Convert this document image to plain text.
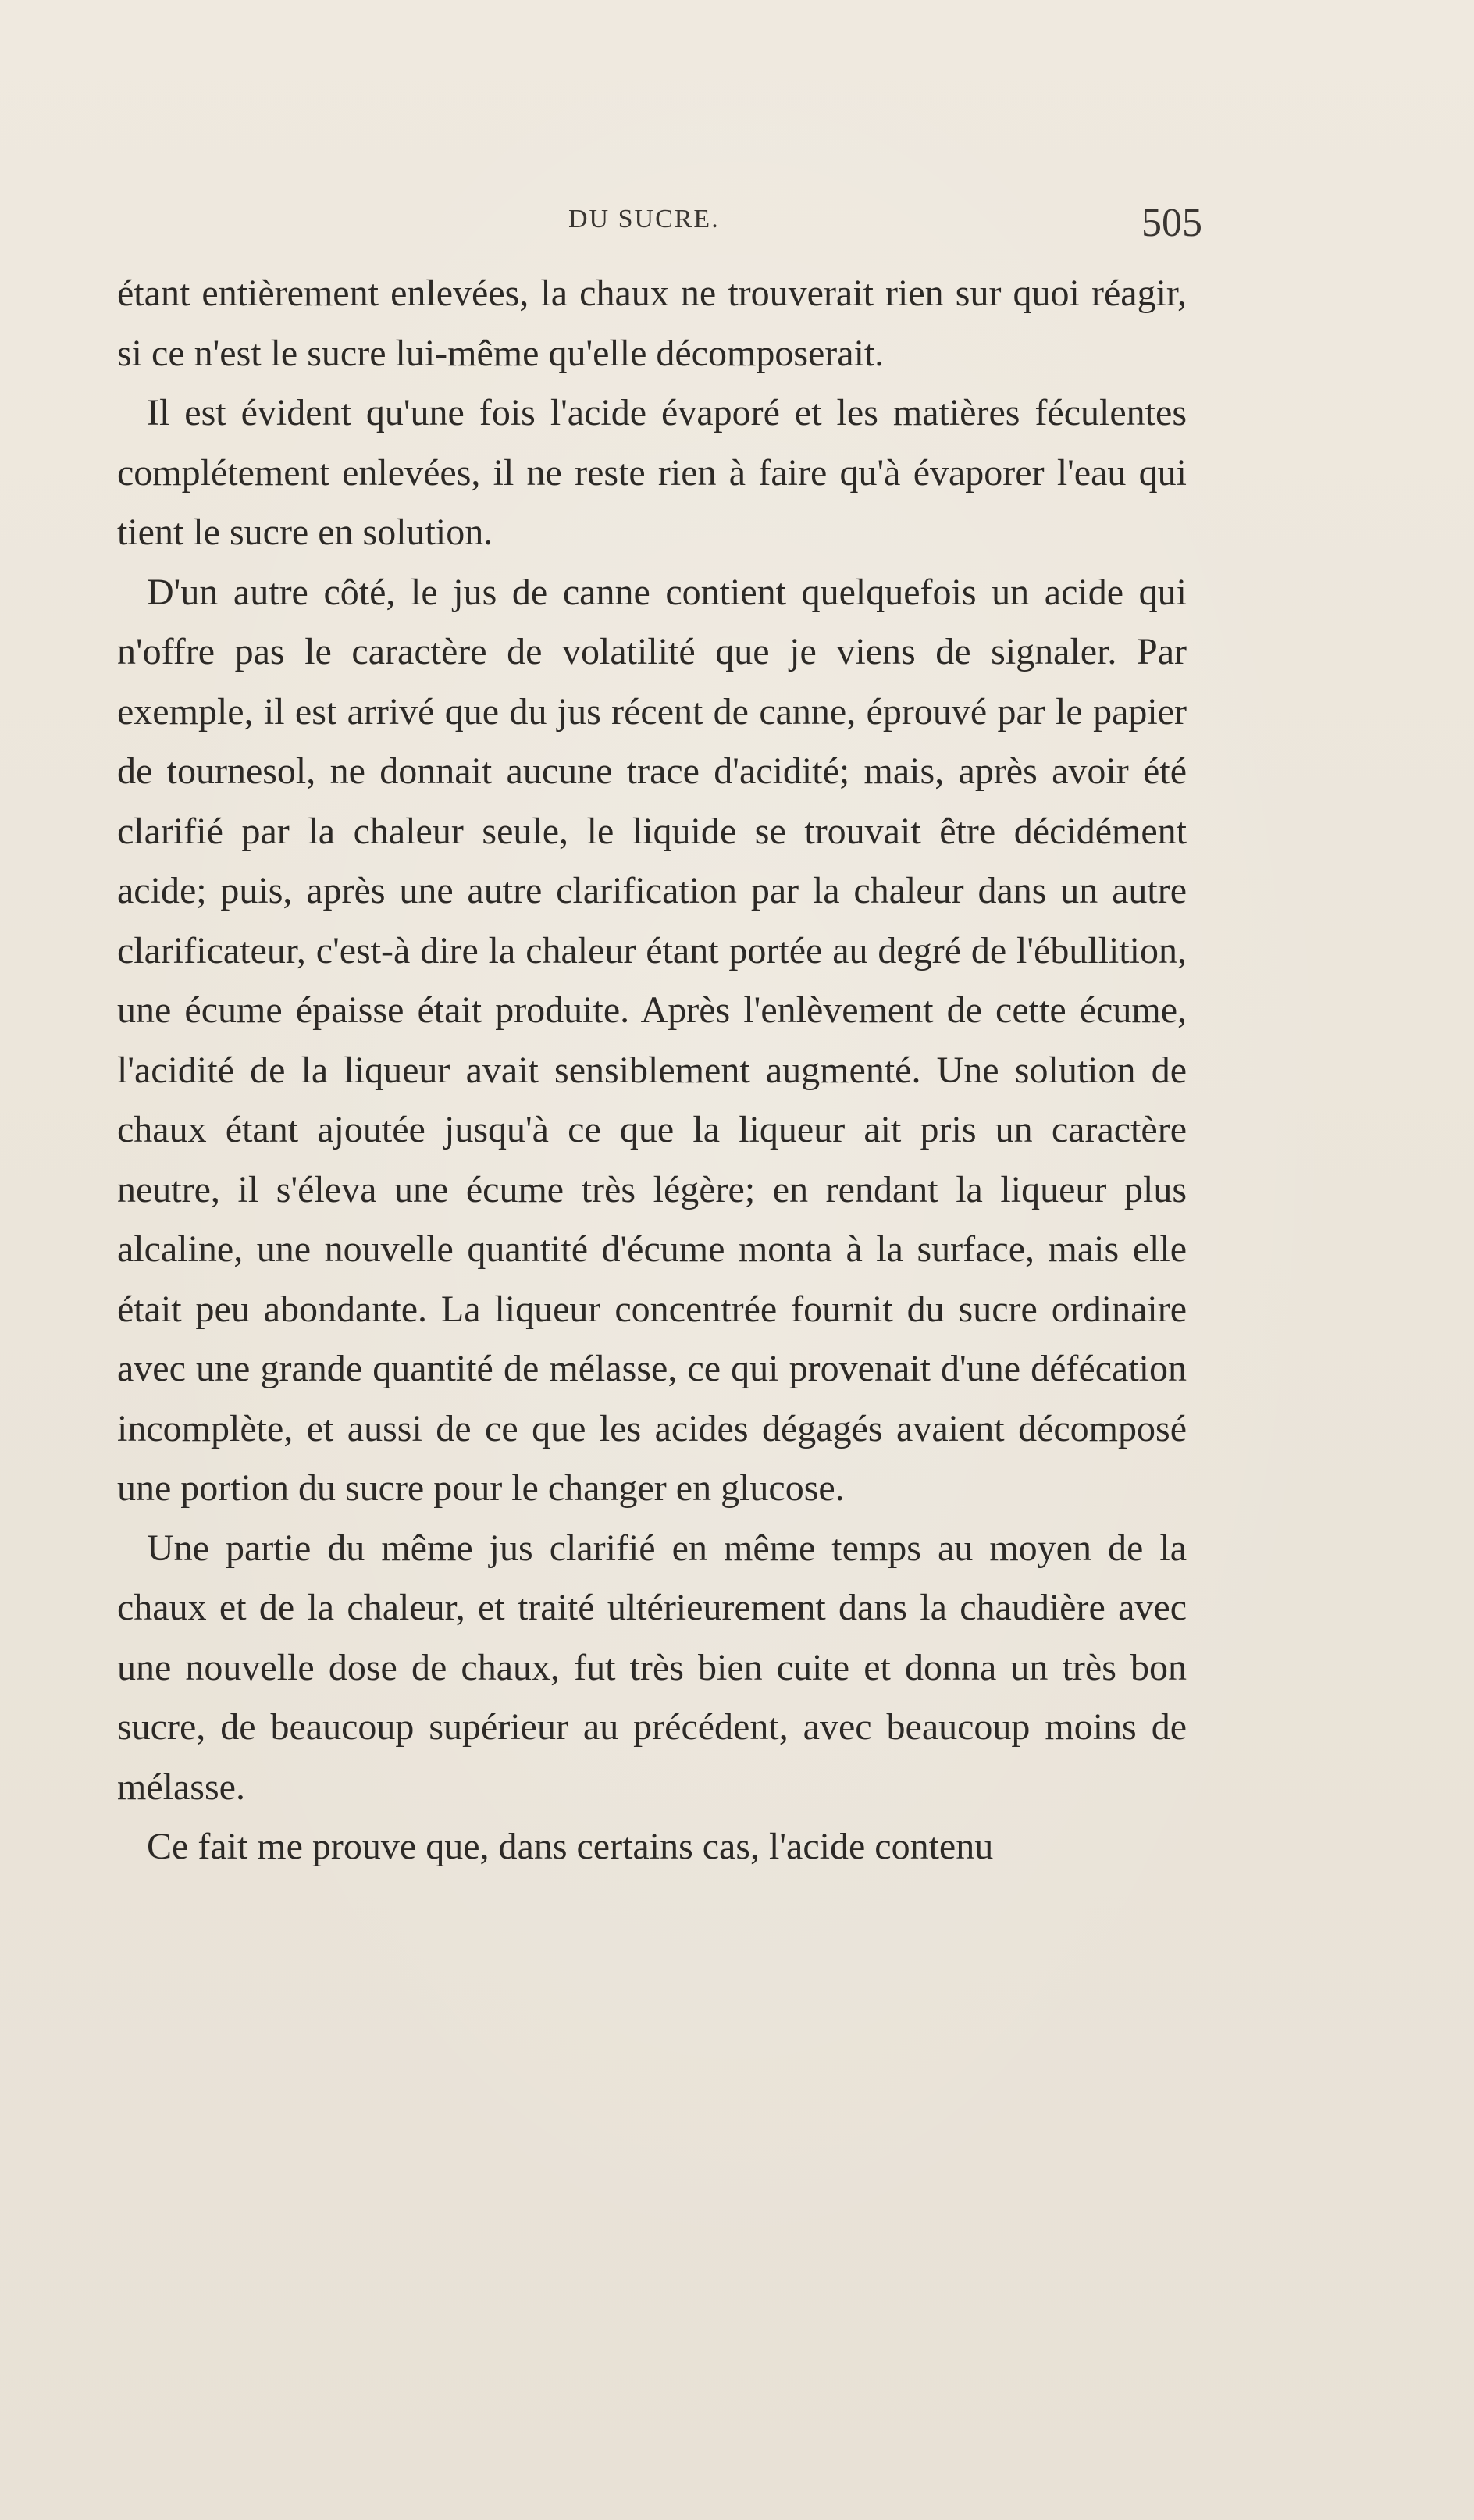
DU SUCRE.	505

étant entièrement enlevées, la chaux ne trouverait rien sur quoi réagir, si ce n'est le sucre lui-même qu'elle décomposerait.

Il est évident qu'une fois l'acide évaporé et les matières féculentes complétement enlevées, il ne reste rien à faire qu'à évaporer l'eau qui tient le sucre en solution.

D'un autre côté, le jus de canne contient quelquefois un acide qui n'offre pas le caractère de volatilité que je viens de signaler. Par exemple, il est arrivé que du jus récent de canne, éprouvé par le papier de tournesol, ne donnait aucune trace d'acidité; mais, après avoir été clarifié par la chaleur seule, le liquide se trouvait être décidément acide; puis, après une autre clarification par la chaleur dans un autre clarificateur, c'est-à dire la chaleur étant portée au degré de l'ébullition, une écume épaisse était produite. Après l'enlèvement de cette écume, l'acidité de la liqueur avait sensiblement augmenté. Une solution de chaux étant ajoutée jusqu'à ce que la liqueur ait pris un caractère neutre, il s'éleva une écume très légère; en rendant la liqueur plus alcaline, une nouvelle quantité d'écume monta à la surface, mais elle était peu abondante. La liqueur concentrée fournit du sucre ordinaire avec une grande quantité de mélasse, ce qui provenait d'une défécation incomplète, et aussi de ce que les acides dégagés avaient décomposé une portion du sucre pour le changer en glucose.

Une partie du même jus clarifié en même temps au moyen de la chaux et de la chaleur, et traité ultérieurement dans la chaudière avec une nouvelle dose de chaux, fut très bien cuite et donna un très bon sucre, de beaucoup supérieur au précédent, avec beaucoup moins de mélasse.

Ce fait me prouve que, dans certains cas, l'acide contenu
